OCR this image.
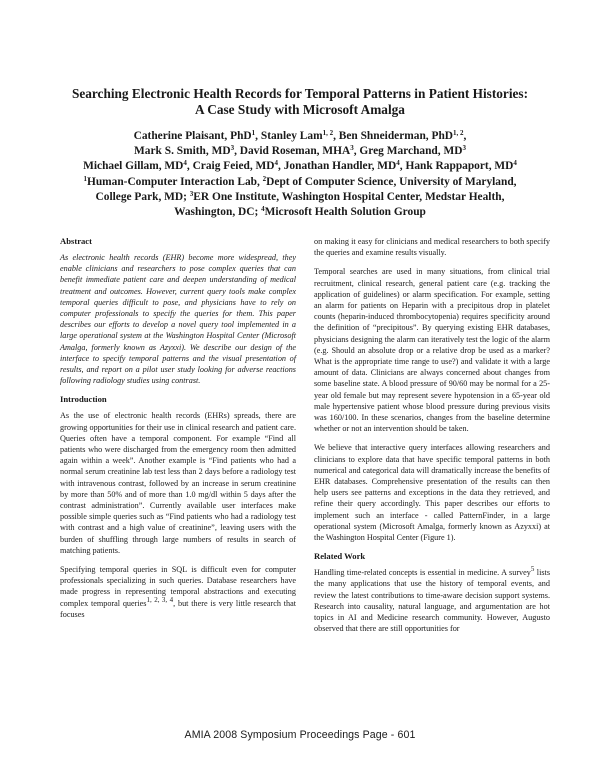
Searching Electronic Health Records for Temporal Patterns in Patient Histories:
A Case Study with Microsoft Amalga
Catherine Plaisant, PhD$^1$, Stanley Lam$^{1, 2}$, Ben Shneiderman, PhD$^{1, 2}$,
Mark S. Smith, $MD^3$, David Roseman, MHA$^3$, Greg Marchand, $MD^3$
Michael Gillam, $MD^4$, Craig Feied, $MD^4$, Jonathan Handler, $MD^4$, Hank Rappaport, $MD^4$
$^1$Human-Computer Interaction Lab, $^2$Dept of Computer Science, University of Maryland,
College Park, MD; $^3$ER One Institute, Washington Hospital Center, Medstar Health,
Washington, DC; $^4$Microsoft Health Solution Group
Abstract

As electronic health records (EHR) become more widespread, they enable clinicians and researchers to pose complex queries that can benefit immediate patient care and deepen understanding of medical treatment and outcomes. However, current query tools make complex temporal queries difficult to pose, and physicians have to rely on computer professionals to specify the queries for them. This paper describes our efforts to develop a novel query tool implemented in a large operational system at the Washington Hospital Center (Microsoft Amalga, formerly known as Azyxxi). We describe our design of the interface to specify temporal patterns and the visual presentation of results, and report on a pilot user study looking for adverse reactions following radiology studies using contrast.

Introduction

As the use of electronic health records (EHRs) spreads, there are growing opportunities for their use in clinical research and patient care. Queries often have a temporal component. For example “Find all patients who were discharged from the emergency room then admitted again within a week”. Another example is “Find patients who had a normal serum creatinine lab test less than 2 days before a radiology test with intravenous contrast, followed by an increase in serum creatinine by more than 50% and of more than 1.0 mg/dl within 5 days after the contrast administration”. Currently available user interfaces make possible simple queries such as “Find patients who had a radiology test with contrast and a high value of creatinine”, leaving users with the burden of shuffling through large numbers of results in search of matching patients.

Specifying temporal queries in SQL is difficult even for computer professionals specializing in such queries. Database researchers have made progress in representing temporal abstractions and executing complex temporal queries$^{1, 2, 3, 4}$, but there is very little research that focuses

on making it easy for clinicians and medical researchers to both specify the queries and examine results visually.

Temporal searches are used in many situations, from clinical trial recruitment, clinical research, general patient care (e.g. tracking the application of guidelines) or alarm specification. For example, setting an alarm for patients on Heparin with a precipitous drop in platelet counts (heparin-induced thrombocytopenia) requires specificity around the definition of “precipitous”. By querying existing EHR databases, physicians designing the alarm can iteratively test the logic of the alarm (e.g. Should an absolute drop or a relative drop be used as a marker? What is the appropriate time range to use?) and validate it with a large amount of data. Clinicians are always concerned about changes from some baseline state. A blood pressure of 90/60 may be normal for a 25-year old female but may represent severe hypotension in a 65-year old male hypertensive patient whose blood pressure during previous visits was 160/100. In these scenarios, changes from the baseline determine whether or not an intervention should be taken.

We believe that interactive query interfaces allowing researchers and clinicians to explore data that have specific temporal patterns in both numerical and categorical data will dramatically increase the benefits of EHR databases. Comprehensive presentation of the results can then help users see patterns and exceptions in the data they retrieved, and refine their query accordingly. This paper describes our efforts to implement such an interface - called PatternFinder, in a large operational system (Microsoft Amalga, formerly known as Azyxxi) at the Washington Hospital Center (Figure 1).

Related Work

Handling time-related concepts is essential in medicine. A survey$^5$ lists the many applications that use the history of temporal events, and review the latest contributions to time-aware decision support systems. Research into causality, natural language, and argumentation are hot topics in AI and Medicine research community. However, Augusto observed that there are still opportunities for

AMIA 2008 Symposium Proceedings Page - 601
